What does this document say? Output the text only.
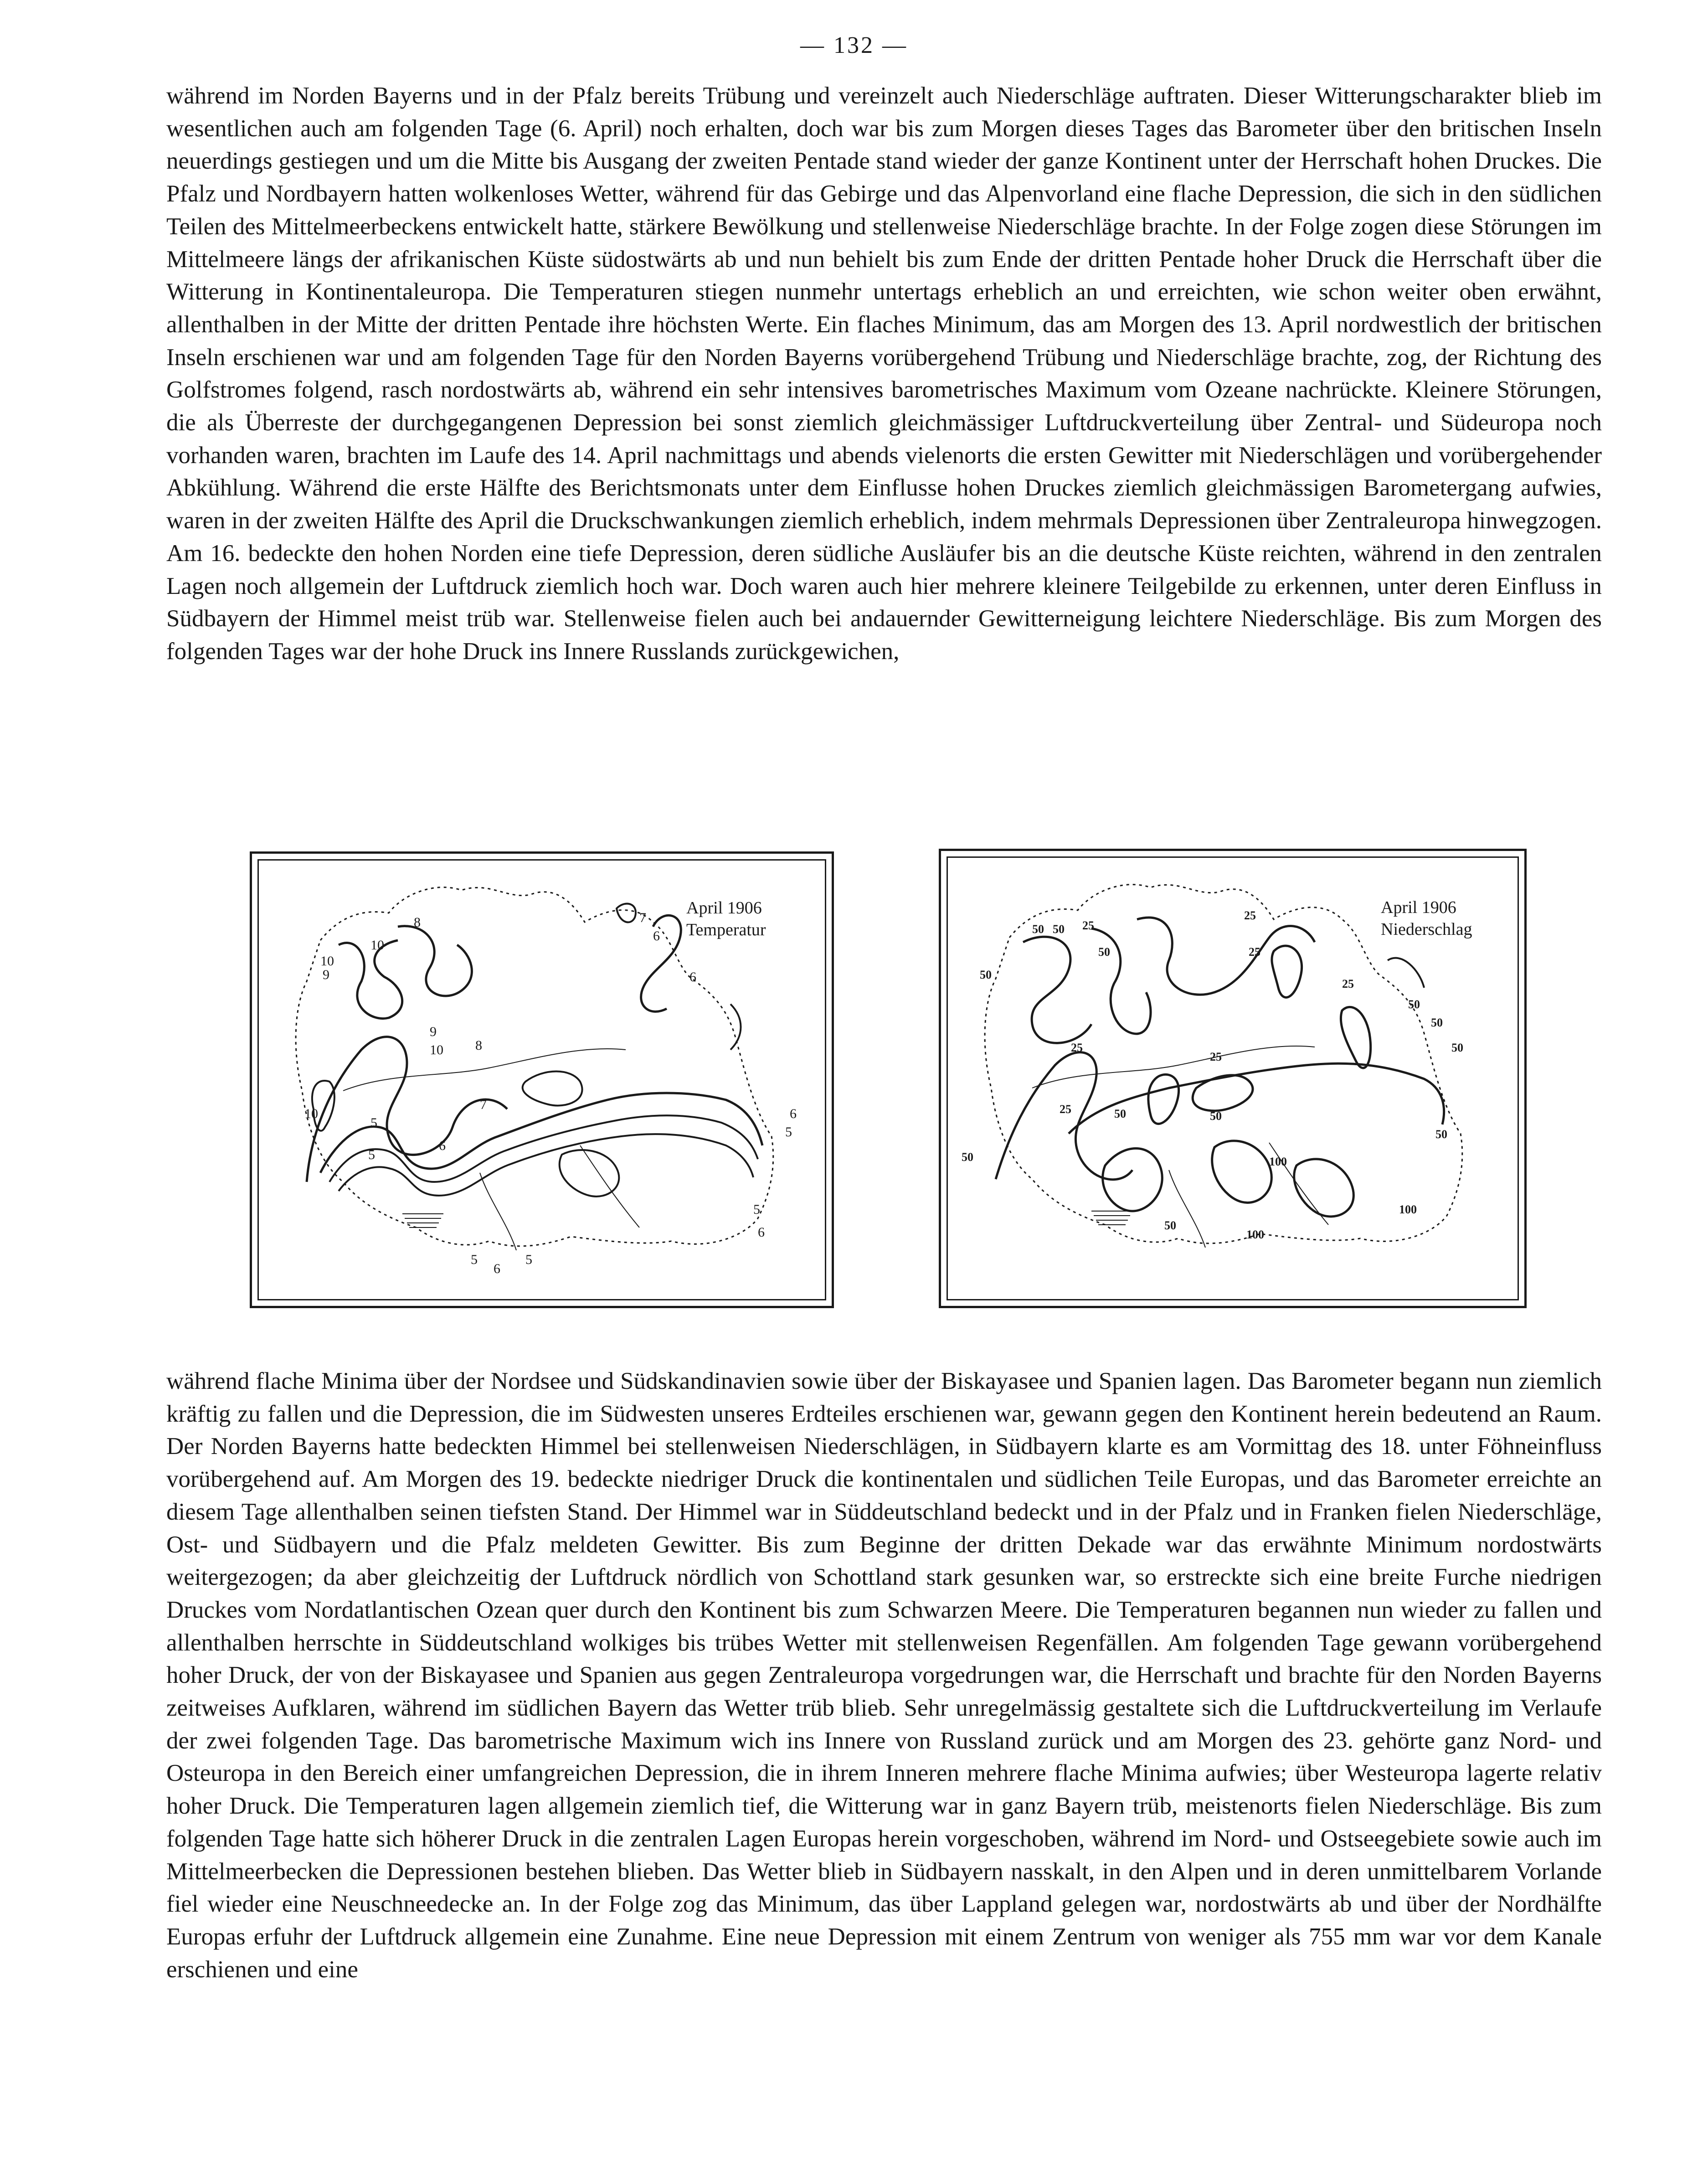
— 132 —

während im Norden Bayerns und in der Pfalz bereits Trübung und vereinzelt auch Niederschläge auftraten. Dieser Witterungscharakter blieb im wesentlichen auch am folgenden Tage (6. April) noch erhalten, doch war bis zum Morgen dieses Tages das Barometer über den britischen Inseln neuerdings gestiegen und um die Mitte bis Ausgang der zweiten Pentade stand wieder der ganze Kontinent unter der Herrschaft hohen Druckes. Die Pfalz und Nordbayern hatten wolkenloses Wetter, während für das Gebirge und das Alpenvorland eine flache Depression, die sich in den südlichen Teilen des Mittelmeerbeckens entwickelt hatte, stärkere Bewölkung und stellenweise Niederschläge brachte. In der Folge zogen diese Störungen im Mittelmeere längs der afrikanischen Küste südostwärts ab und nun behielt bis zum Ende der dritten Pentade hoher Druck die Herrschaft über die Witterung in Kontinentaleuropa. Die Temperaturen stiegen nunmehr untertags erheblich an und erreichten, wie schon weiter oben erwähnt, allenthalben in der Mitte der dritten Pentade ihre höchsten Werte. Ein flaches Minimum, das am Morgen des 13. April nordwestlich der britischen Inseln erschienen war und am folgenden Tage für den Norden Bayerns vorübergehend Trübung und Niederschläge brachte, zog, der Richtung des Golfstromes folgend, rasch nordostwärts ab, während ein sehr intensives barometrisches Maximum vom Ozeane nachrückte. Kleinere Störungen, die als Überreste der durchgegangenen Depression bei sonst ziemlich gleichmässiger Luftdruckverteilung über Zentral- und Südeuropa noch vorhanden waren, brachten im Laufe des 14. April nachmittags und abends vielenorts die ersten Gewitter mit Niederschlägen und vorübergehender Abkühlung. Während die erste Hälfte des Berichtsmonats unter dem Einflusse hohen Druckes ziemlich gleichmässigen Barometergang aufwies, waren in der zweiten Hälfte des April die Druckschwankungen ziemlich erheblich, indem mehrmals Depressionen über Zentraleuropa hinwegzogen. Am 16. bedeckte den hohen Norden eine tiefe Depression, deren südliche Ausläufer bis an die deutsche Küste reichten, während in den zentralen Lagen noch allgemein der Luftdruck ziemlich hoch war. Doch waren auch hier mehrere kleinere Teilgebilde zu erkennen, unter deren Einfluss in Südbayern der Himmel meist trüb war. Stellenweise fielen auch bei andauernder Gewitterneigung leichtere Niederschläge. Bis zum Morgen des folgenden Tages war der hohe Druck ins Innere Russlands zurückgewichen,

10
10
9
8	7
6
6
9
10 8
7
10
5
6
5
6
5
5
6
6
5	5
April 1906
Temperatur	50 50 25
25
50	25
50
25
50
50
25
25
25
50
50	50
50
100
50
100
100
50
April 1906
Niederschlag

während flache Minima über der Nordsee und Südskandinavien sowie über der Biskayasee und Spanien lagen. Das Barometer begann nun ziemlich kräftig zu fallen und die Depression, die im Südwesten unseres Erdteiles erschienen war, gewann gegen den Kontinent herein bedeutend an Raum. Der Norden Bayerns hatte bedeckten Himmel bei stellenweisen Niederschlägen, in Südbayern klarte es am Vormittag des 18. unter Föhneinfluss vorübergehend auf. Am Morgen des 19. bedeckte niedriger Druck die kontinentalen und südlichen Teile Europas, und das Barometer erreichte an diesem Tage allenthalben seinen tiefsten Stand. Der Himmel war in Süddeutschland bedeckt und in der Pfalz und in Franken fielen Niederschläge, Ost- und Südbayern und die Pfalz meldeten Gewitter. Bis zum Beginne der dritten Dekade war das erwähnte Minimum nordostwärts weitergezogen; da aber gleichzeitig der Luftdruck nördlich von Schottland stark gesunken war, so erstreckte sich eine breite Furche niedrigen Druckes vom Nordatlantischen Ozean quer durch den Kontinent bis zum Schwarzen Meere. Die Temperaturen begannen nun wieder zu fallen und allenthalben herrschte in Süddeutschland wolkiges bis trübes Wetter mit stellenweisen Regenfällen. Am folgenden Tage gewann vorübergehend hoher Druck, der von der Biskayasee und Spanien aus gegen Zentraleuropa vorgedrungen war, die Herrschaft und brachte für den Norden Bayerns zeitweises Aufklaren, während im südlichen Bayern das Wetter trüb blieb. Sehr unregelmässig gestaltete sich die Luftdruckverteilung im Verlaufe der zwei folgenden Tage. Das barometrische Maximum wich ins Innere von Russland zurück und am Morgen des 23. gehörte ganz Nord- und Osteuropa in den Bereich einer umfangreichen Depression, die in ihrem Inneren mehrere flache Minima aufwies; über Westeuropa lagerte relativ hoher Druck. Die Temperaturen lagen allgemein ziemlich tief, die Witterung war in ganz Bayern trüb, meistenorts fielen Niederschläge. Bis zum folgenden Tage hatte sich höherer Druck in die zentralen Lagen Europas herein vorgeschoben, während im Nord- und Ostseegebiete sowie auch im Mittelmeerbecken die Depressionen bestehen blieben. Das Wetter blieb in Südbayern nasskalt, in den Alpen und in deren unmittelbarem Vorlande fiel wieder eine Neuschneedecke an. In der Folge zog das Minimum, das über Lappland gelegen war, nordostwärts ab und über der Nordhälfte Europas erfuhr der Luftdruck allgemein eine Zunahme. Eine neue Depression mit einem Zentrum von weniger als 755 mm war vor dem Kanale erschienen und eine
